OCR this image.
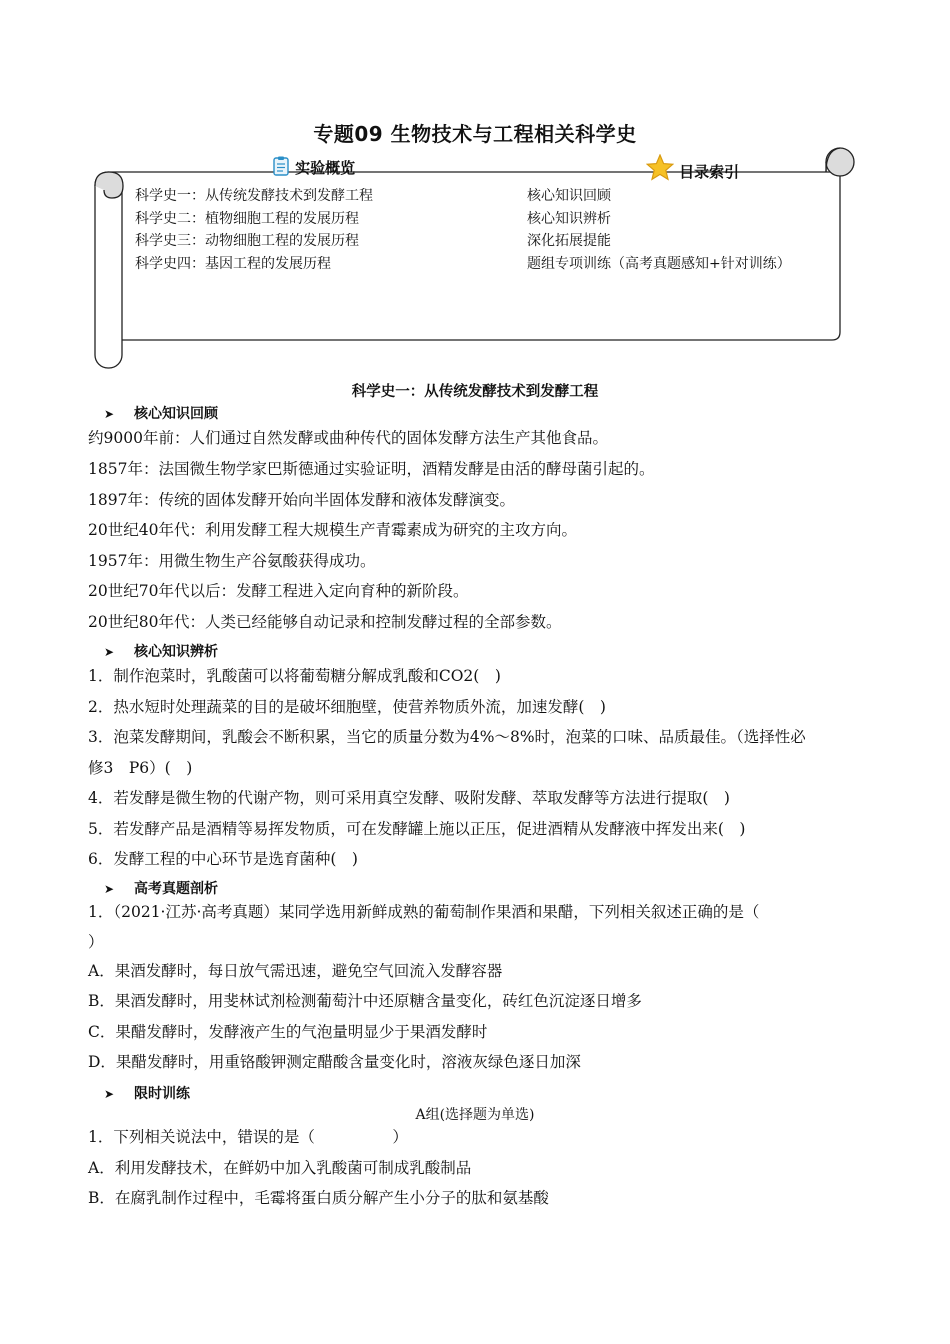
专题09 生物技术与工程相关科学史
实验概览	目录索引
科学史一：从传统发酵技术到发酵工程
科学史二：植物细胞工程的发展历程
科学史三：动物细胞工程的发展历程
科学史四：基因工程的发展历程
核心知识回顾
核心知识辨析
深化拓展提能
题组专项训练（高考真题感知+针对训练）
科学史一：从传统发酵技术到发酵工程
➤ 核心知识回顾
约9000年前：人们通过自然发酵或曲种传代的固体发酵方法生产其他食品。
1857年：法国微生物学家巴斯德通过实验证明，酒精发酵是由活的酵母菌引起的。
1897年：传统的固体发酵开始向半固体发酵和液体发酵演变。
20世纪40年代：利用发酵工程大规模生产青霉素成为研究的主攻方向。
1957年：用微生物生产谷氨酸获得成功。
20世纪70年代以后：发酵工程进入定向育种的新阶段。
20世纪80年代：人类已经能够自动记录和控制发酵过程的全部参数。
➤ 核心知识辨析
1．制作泡菜时，乳酸菌可以将葡萄糖分解成乳酸和CO2(　)
2．热水短时处理蔬菜的目的是破坏细胞壁，使营养物质外流，加速发酵(　)
3．泡菜发酵期间，乳酸会不断积累，当它的质量分数为4%～8%时，泡菜的口味、品质最佳。（选择性必
修3　P6）(　)
4．若发酵是微生物的代谢产物，则可采用真空发酵、吸附发酵、萃取发酵等方法进行提取(　)
5．若发酵产品是酒精等易挥发物质，可在发酵罐上施以正压，促进酒精从发酵液中挥发出来(　)
6．发酵工程的中心环节是选育菌种(　)
➤ 高考真题剖析
1．（2021·江苏·高考真题）某同学选用新鲜成熟的葡萄制作果酒和果醋，下列相关叙述正确的是（
）
A．果酒发酵时，每日放气需迅速，避免空气回流入发酵容器
B．果酒发酵时，用斐林试剂检测葡萄汁中还原糖含量变化，砖红色沉淀逐日增多
C．果醋发酵时，发酵液产生的气泡量明显少于果酒发酵时
D．果醋发酵时，用重铬酸钾测定醋酸含量变化时，溶液灰绿色逐日加深
➤ 限时训练
A组(选择题为单选)
1．下列相关说法中，错误的是（　　　　　）
A．利用发酵技术，在鲜奶中加入乳酸菌可制成乳酸制品
B．在腐乳制作过程中，毛霉将蛋白质分解产生小分子的肽和氨基酸
